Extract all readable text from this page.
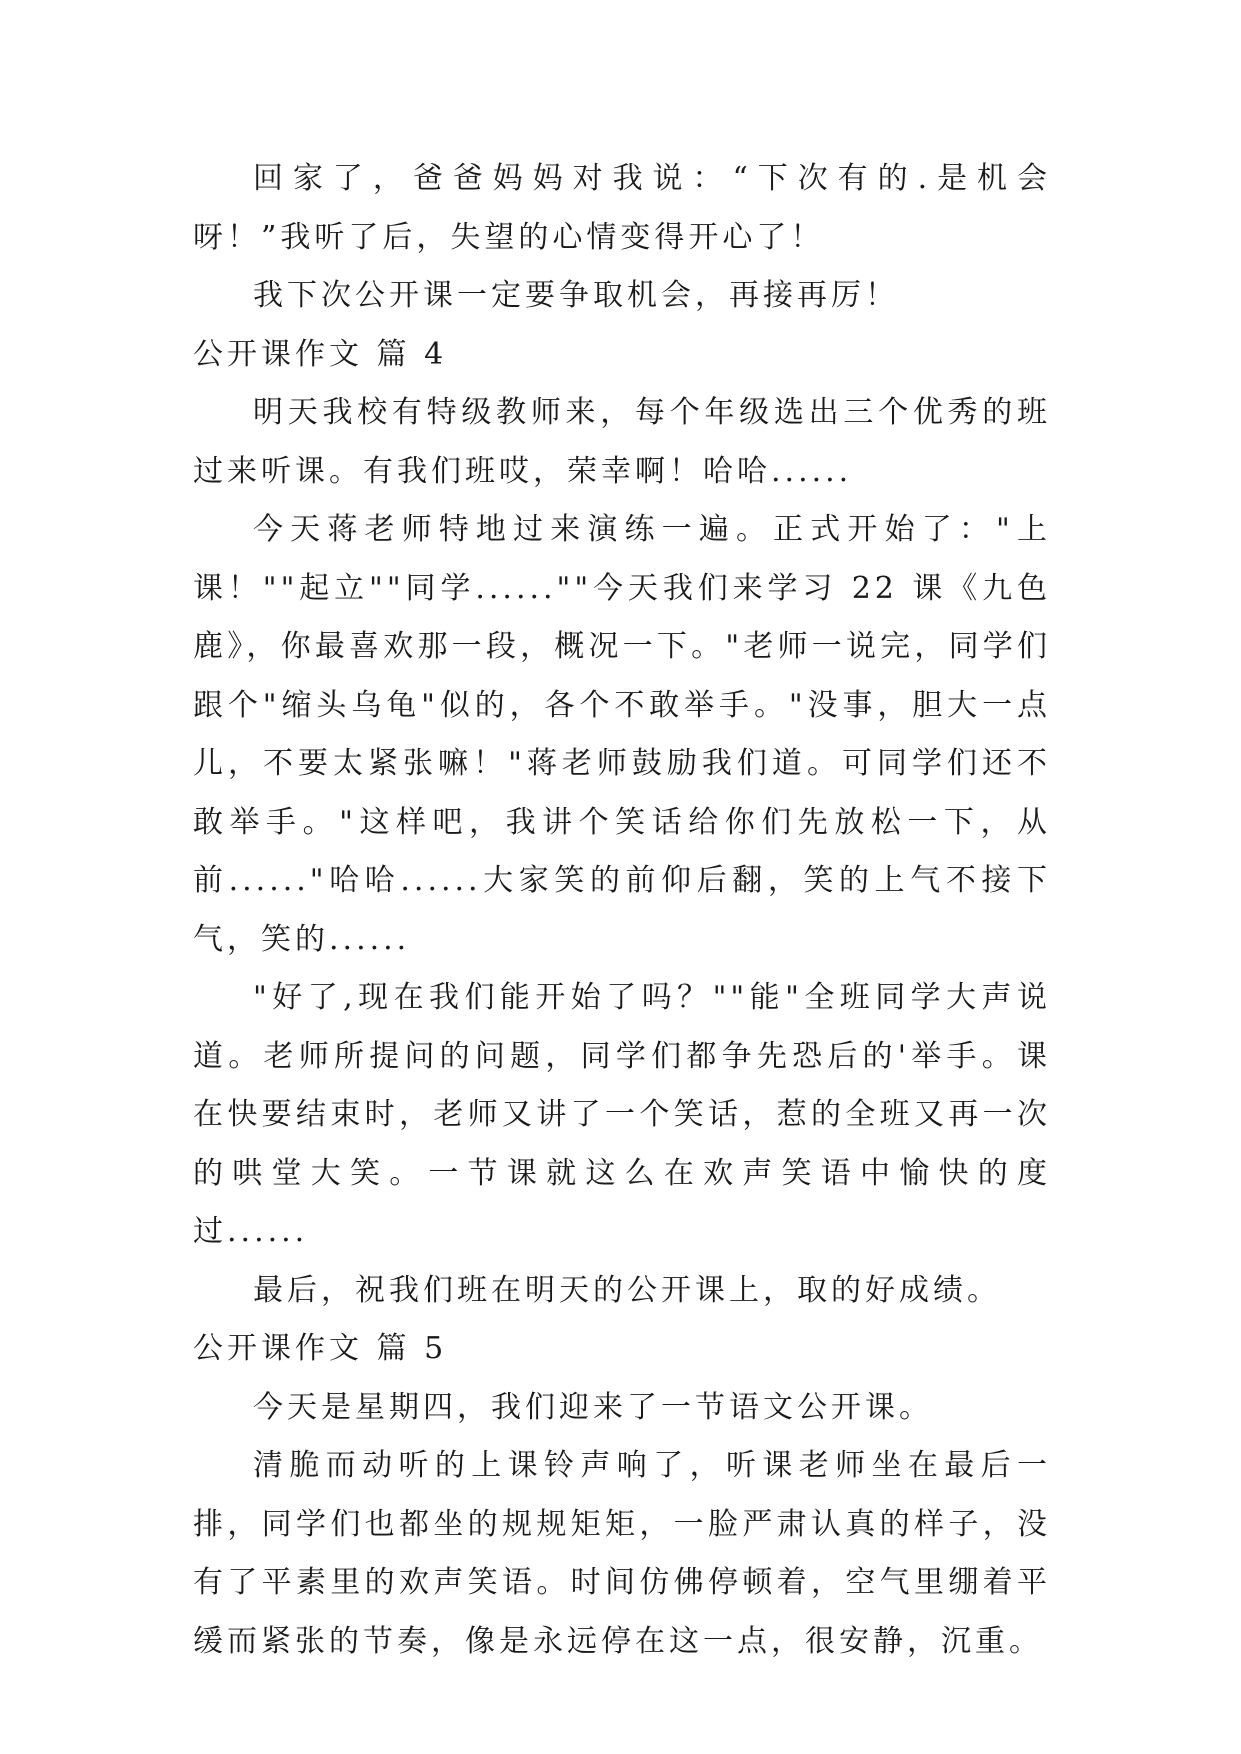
回家了，爸爸妈妈对我说：“下次有的.是机会呀！”我听了后，失望的心情变得开心了！

我下次公开课一定要争取机会，再接再厉！

公开课作文 篇 4

明天我校有特级教师来，每个年级选出三个优秀的班过来听课。有我们班哎，荣幸啊！哈哈......

今天蒋老师特地过来演练一遍。正式开始了："上课！""起立""同学......""今天我们来学习 22 课《九色鹿》，你最喜欢那一段，概况一下。"老师一说完，同学们跟个"缩头乌龟"似的，各个不敢举手。"没事，胆大一点儿，不要太紧张嘛！"蒋老师鼓励我们道。可同学们还不敢举手。"这样吧，我讲个笑话给你们先放松一下，从前......"哈哈......大家笑的前仰后翻，笑的上气不接下气，笑的......

"好了,现在我们能开始了吗？""能"全班同学大声说道。老师所提问的问题，同学们都争先恐后的'举手。课在快要结束时，老师又讲了一个笑话，惹的全班又再一次的哄堂大笑。一节课就这么在欢声笑语中愉快的度过......

最后，祝我们班在明天的公开课上，取的好成绩。

公开课作文 篇 5

今天是星期四，我们迎来了一节语文公开课。

清脆而动听的上课铃声响了，听课老师坐在最后一排，同学们也都坐的规规矩矩，一脸严肃认真的样子，没有了平素里的欢声笑语。时间仿佛停顿着，空气里绷着平缓而紧张的节奏，像是永远停在这一点，很安静，沉重。
